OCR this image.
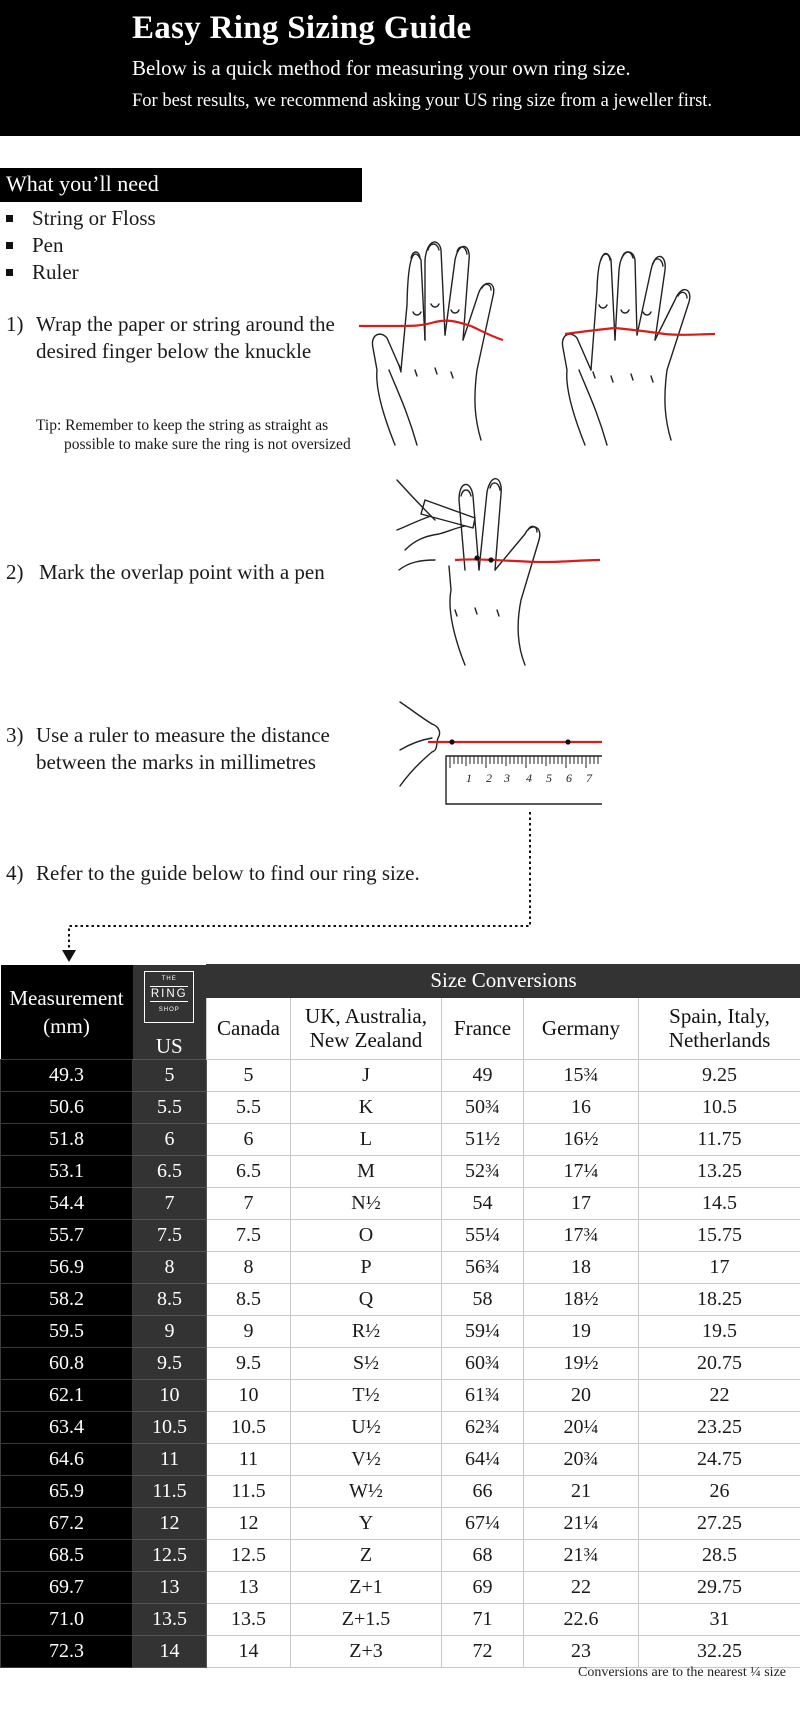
Easy Ring Sizing Guide
Below is a quick method for measuring your own ring size.
For best results, we recommend asking your US ring size from a jeweller first.
What you’ll need
String or Floss
Pen
Ruler
1) Wrap the paper or string around the desired finger below the knuckle
Tip: Remember to keep the string as straight as possible to make sure the ring is not oversized
2) Mark the overlap point with a pen
3) Use a ruler to measure the distance between the marks in millimetres
1 2 3 4 5 6 7
4) Refer to the guide below to find our ring size.
Measurement (mm)	THE
RING
SHOP
US	Size Conversions				
		Canada	UK, Australia, New Zealand	France	Germany	Spain, Italy, Netherlands
49.3	5	5	J	49	15¾	9.25
50.6	5.5	5.5	K	50¾	16	10.5
51.8	6	6	L	51½	16½	11.75
53.1	6.5	6.5	M	52¾	17¼	13.25
54.4	7	7	N½	54	17	14.5
55.7	7.5	7.5	O	55¼	17¾	15.75
56.9	8	8	P	56¾	18	17
58.2	8.5	8.5	Q	58	18½	18.25
59.5	9	9	R½	59¼	19	19.5
60.8	9.5	9.5	S½	60¾	19½	20.75
62.1	10	10	T½	61¾	20	22
63.4	10.5	10.5	U½	62¾	20¼	23.25
64.6	11	11	V½	64¼	20¾	24.75
65.9	11.5	11.5	W½	66	21	26
67.2	12	12	Y	67¼	21¼	27.25
68.5	12.5	12.5	Z	68	21¾	28.5
69.7	13	13	Z+1	69	22	29.75
71.0	13.5	13.5	Z+1.5	71	22.6	31
72.3	14	14	Z+3	72	23	32.25
Conversions are to the nearest ¼ size
